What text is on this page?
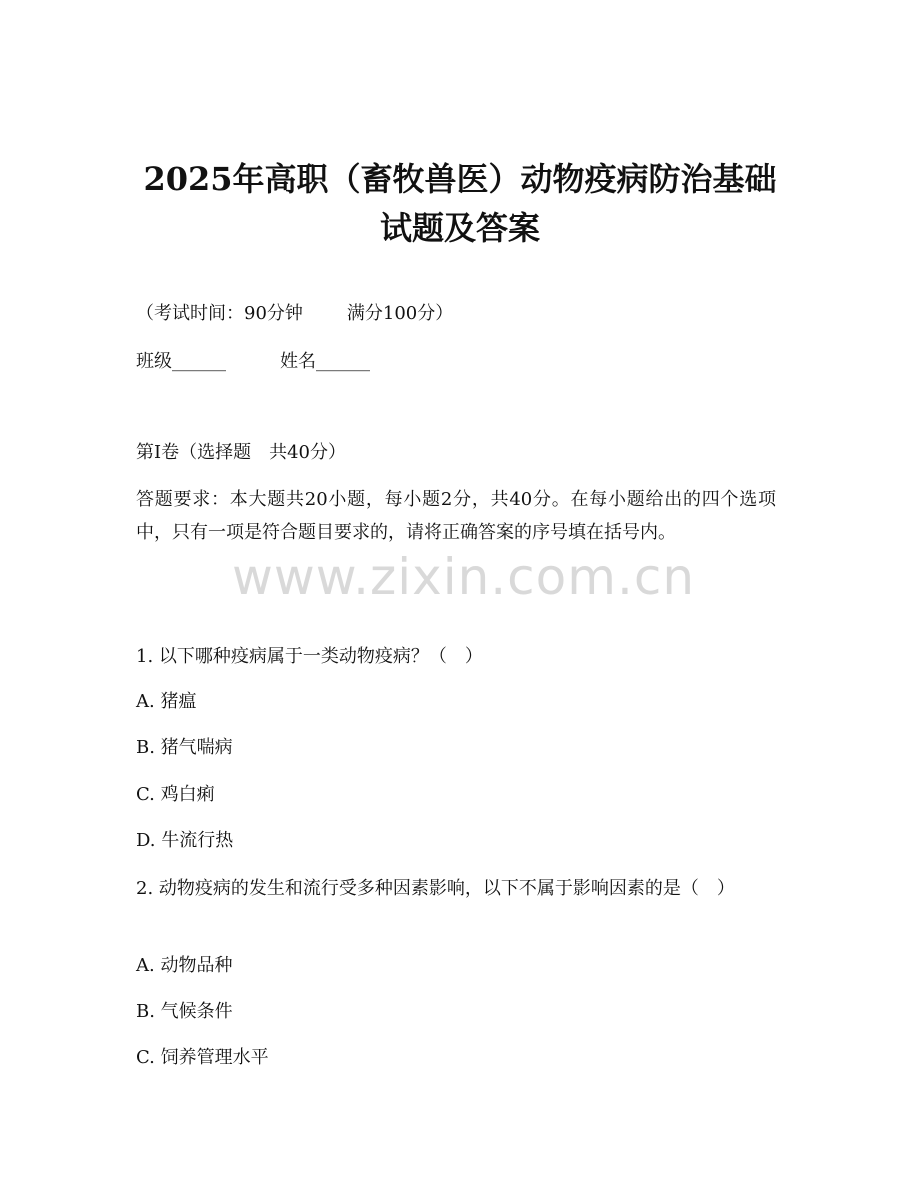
2025年高职（畜牧兽医）动物疫病防治基础
试题及答案
（考试时间：90分钟 满分100分）
班级______	姓名______
第Ⅰ卷（选择题　共40分）
答题要求：本大题共20小题，每小题2分，共40分。在每小题给出的四个选项中，只有一项是符合题目要求的，请将正确答案的序号填在括号内。
www.zixin.com.cn
1. 以下哪种疫病属于一类动物疫病？（　）
A. 猪瘟
B. 猪气喘病
C. 鸡白痢
D. 牛流行热
2. 动物疫病的发生和流行受多种因素影响，以下不属于影响因素的是（　）
A. 动物品种
B. 气候条件
C. 饲养管理水平
